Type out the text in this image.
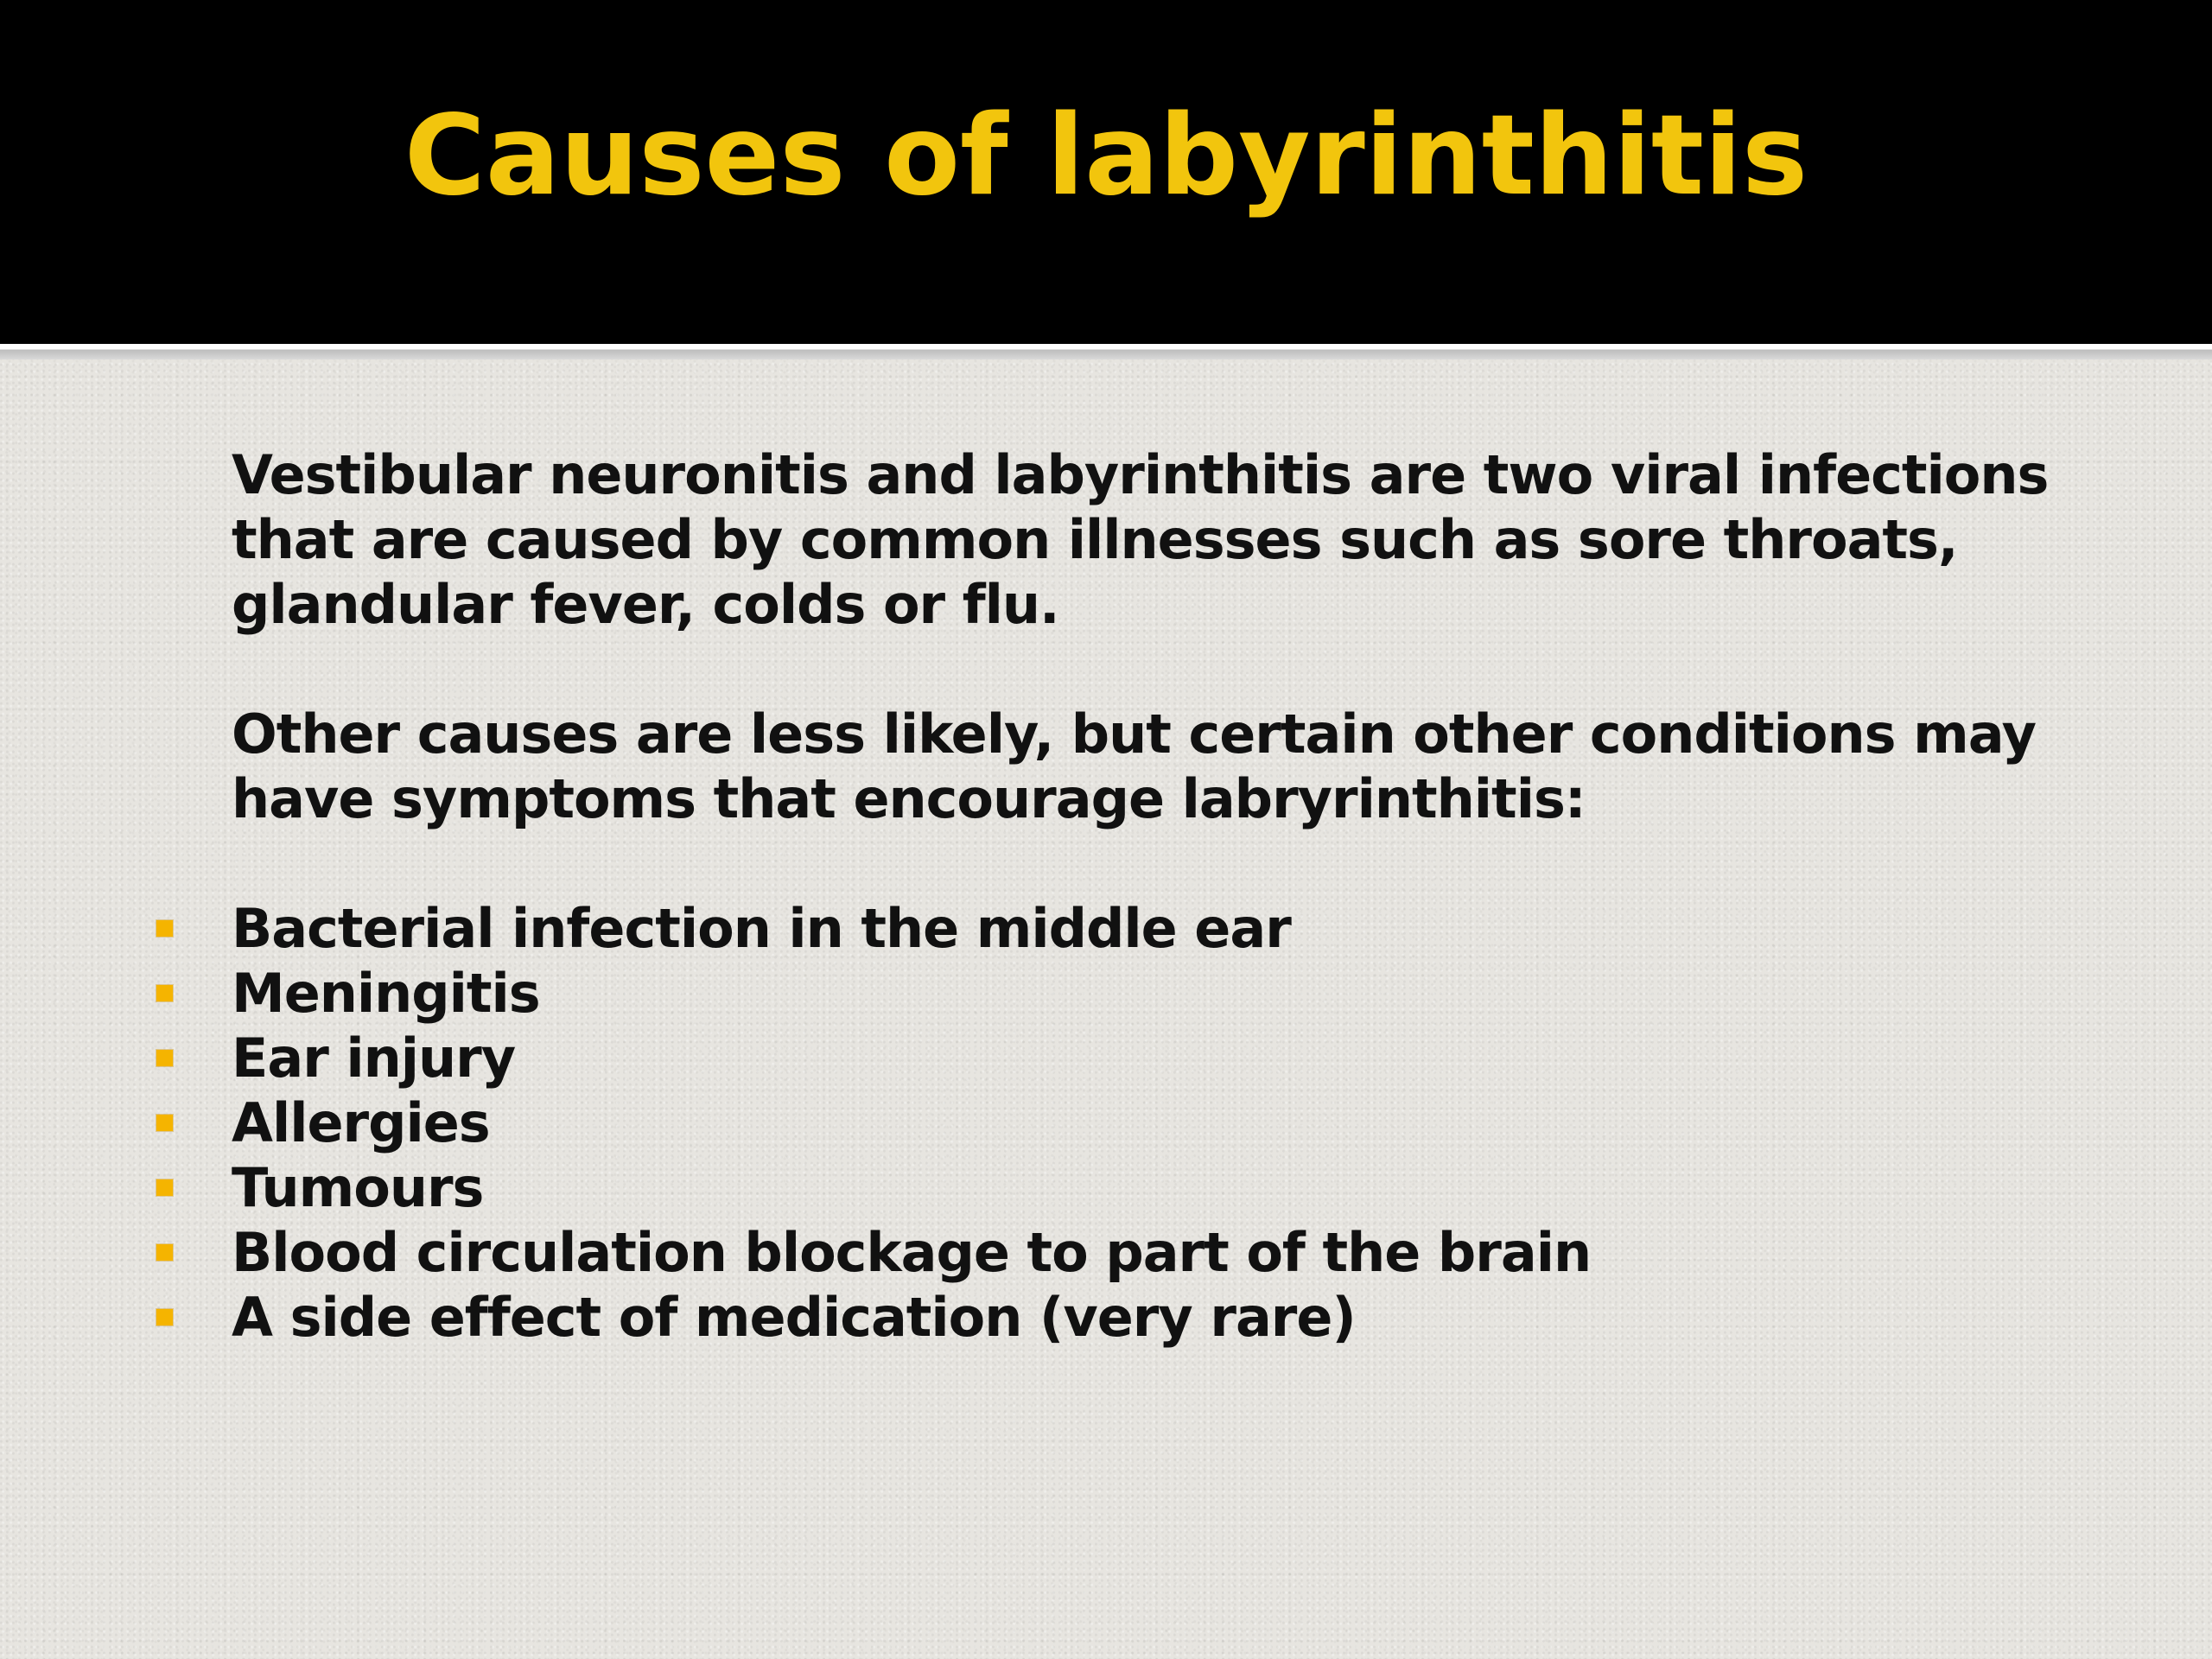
Causes of labyrinthitis

Vestibular neuronitis and labyrinthitis are two viral infections that are caused by common illnesses such as sore throats, glandular fever, colds or flu.

Other causes are less likely, but certain other conditions may have symptoms that encourage labryrinthitis:

Bacterial infection in the middle ear
Meningitis
Ear injury
Allergies
Tumours
Blood circulation blockage to part of the brain
A side effect of medication (very rare)
